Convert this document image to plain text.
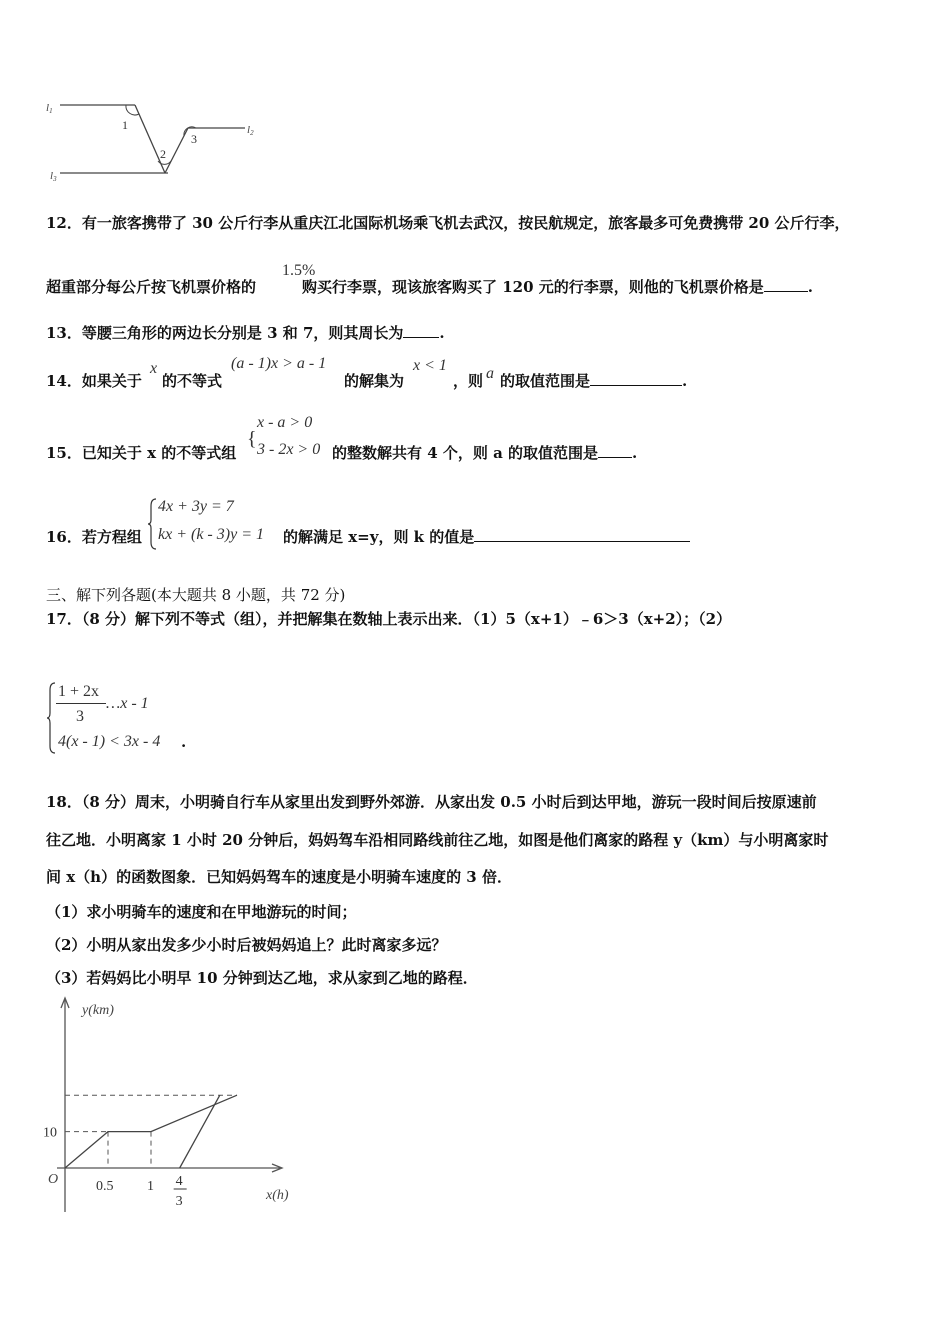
l1
1
2
3
l2
l3
12．有一旅客携带了 30 公斤行李从重庆江北国际机场乘飞机去武汉，按民航规定，旅客最多可免费携带 20 公斤行李，
1.5%
超重部分每公斤按飞机票价格的	购买行李票，现该旅客购买了 120 元的行李票，则他的飞机票价格是	.
13．等腰三角形的两边长分别是 3 和 7，则其周长为 .
14．如果关于
x
的不等式
(a - 1)x > a - 1
的解集为
x < 1
，则 a 的取值范围是	.
15．已知关于 x 的不等式组
{
x - a > 0
3 - 2x > 0 的整数解共有 4 个，则 a 的取值范围是 .
16．若方程组
4x + 3y = 7
kx + (k - 3)y = 1 的解满足 x=y，则 k 的值是
三、解下列各题(本大题共 8 小题，共 72 分)
17．（8 分）解下列不等式（组），并把解集在数轴上表示出来．（1）5（x+1）﹣6＞3（x+2）；（2）
1 + 2x
3
…x - 1
4(x - 1) < 3x - 4 .
18．（8 分）周末，小明骑自行车从家里出发到野外郊游．从家出发 0.5 小时后到达甲地，游玩一段时间后按原速前
往乙地．小明离家 1 小时 20 分钟后，妈妈驾车沿相同路线前往乙地，如图是他们离家的路程 y（km）与小明离家时
间 x（h）的函数图象．已知妈妈驾车的速度是小明骑车速度的 3 倍．
（1）求小明骑车的速度和在甲地游玩的时间；
（2）小明从家出发多少小时后被妈妈追上？此时离家多远？
（3）若妈妈比小明早 10 分钟到达乙地，求从家到乙地的路程．
y(km)
x(h)
O
10
0.5 1 4
3
